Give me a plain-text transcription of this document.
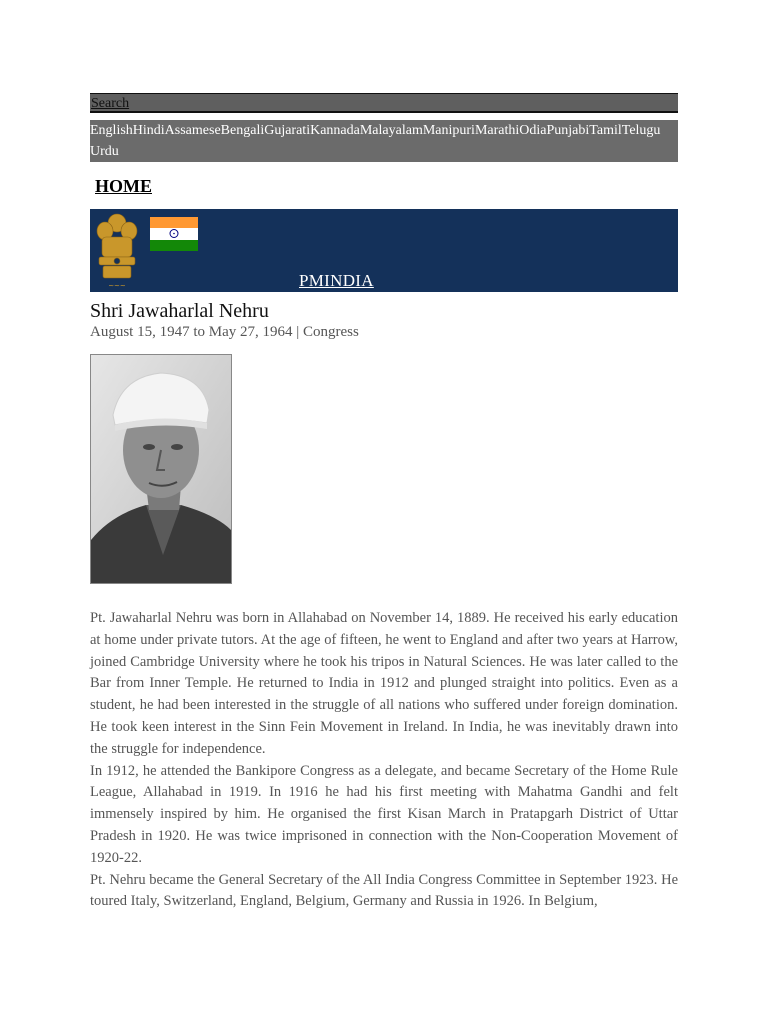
Search
English Hindi Assamese Bengali Gujarati Kannada Malayalam Manipuri Marathi Odia Punjabi Tamil Telugu
Urdu
HOME
~~~	PMINDIA
Shri Jawaharlal Nehru
August 15, 1947 to May 27, 1964 | Congress

Pt. Jawaharlal Nehru was born in Allahabad on November 14, 1889. He received his early education at home under private tutors. At the age of fifteen, he went to England and after two years at Harrow, joined Cambridge University where he took his tripos in Natural Sciences. He was later called to the Bar from Inner Temple. He returned to India in 1912 and plunged straight into politics. Even as a student, he had been interested in the struggle of all nations who suffered under foreign domination. He took keen interest in the Sinn Fein Movement in Ireland. In India, he was inevitably drawn into the struggle for independence.

In 1912, he attended the Bankipore Congress as a delegate, and became Secretary of the Home Rule League, Allahabad in 1919. In 1916 he had his first meeting with Mahatma Gandhi and felt immensely inspired by him. He organised the first Kisan March in Pratapgarh District of Uttar Pradesh in 1920. He was twice imprisoned in connection with the Non-Cooperation Movement of 1920-22.

Pt. Nehru became the General Secretary of the All India Congress Committee in September 1923. He toured Italy, Switzerland, England, Belgium, Germany and Russia in 1926. In Belgium,
